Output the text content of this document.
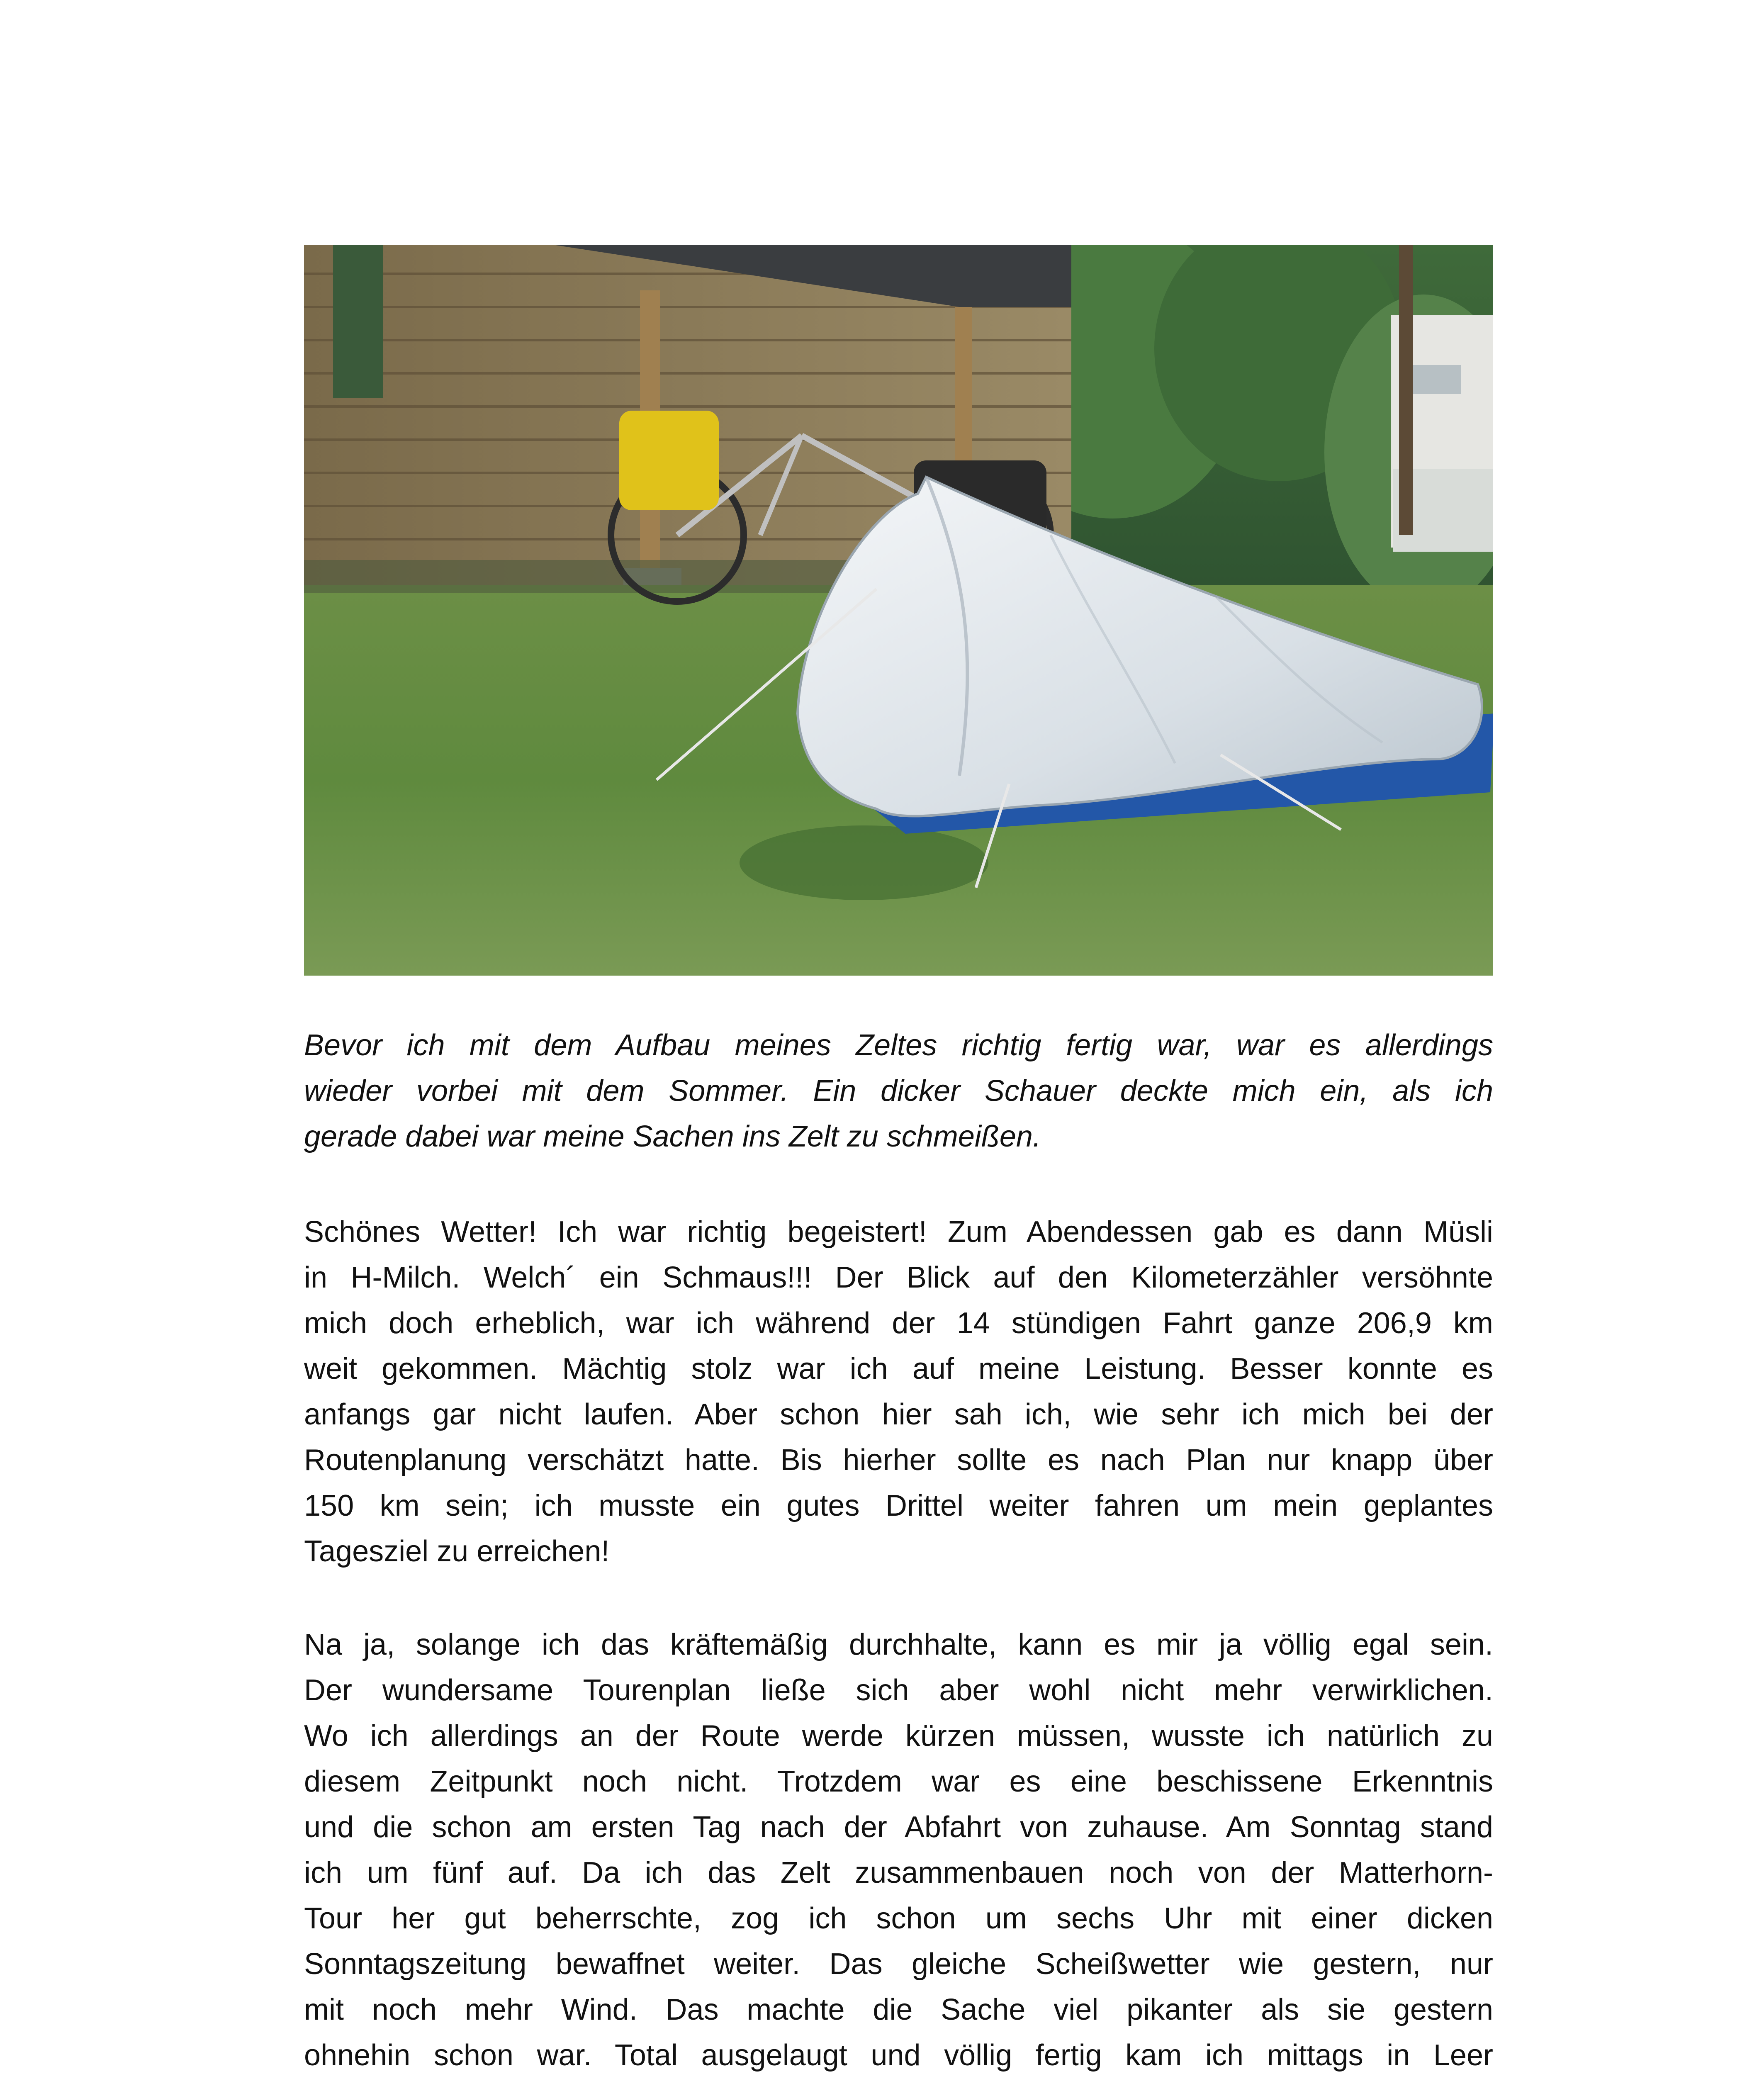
Bevor ich mit dem Aufbau meines Zeltes richtig fertig war, war es allerdings
wieder vorbei mit dem Sommer. Ein dicker Schauer deckte mich ein, als ich
gerade dabei war meine Sachen ins Zelt zu schmeißen.
Schönes Wetter! Ich war richtig begeistert! Zum Abendessen gab es dann Müsli
in H-Milch. Welch´ ein Schmaus!!! Der Blick auf den Kilometerzähler versöhnte
mich doch erheblich, war ich während der 14 stündigen Fahrt ganze 206,9 km
weit gekommen. Mächtig stolz war ich auf meine Leistung. Besser konnte es
anfangs gar nicht laufen. Aber schon hier sah ich, wie sehr ich mich bei der
Routenplanung verschätzt hatte. Bis hierher sollte es nach Plan nur knapp über
150 km sein; ich musste ein gutes Drittel weiter fahren um mein geplantes
Tagesziel zu erreichen!
Na ja, solange ich das kräftemäßig durchhalte, kann es mir ja völlig egal sein.
Der wundersame Tourenplan ließe sich aber wohl nicht mehr verwirklichen.
Wo ich allerdings an der Route werde kürzen müssen, wusste ich natürlich zu
diesem Zeitpunkt noch nicht. Trotzdem war es eine beschissene Erkenntnis
und die schon am ersten Tag nach der Abfahrt von zuhause. Am Sonntag stand
ich um fünf auf. Da ich das Zelt zusammenbauen noch von der Matterhorn-
Tour her gut beherrschte, zog ich schon um sechs Uhr mit einer dicken
Sonntagszeitung bewaffnet weiter. Das gleiche Scheißwetter wie gestern, nur
mit noch mehr Wind. Das machte die Sache viel pikanter als sie gestern
ohnehin schon war. Total ausgelaugt und völlig fertig kam ich mittags in Leer
